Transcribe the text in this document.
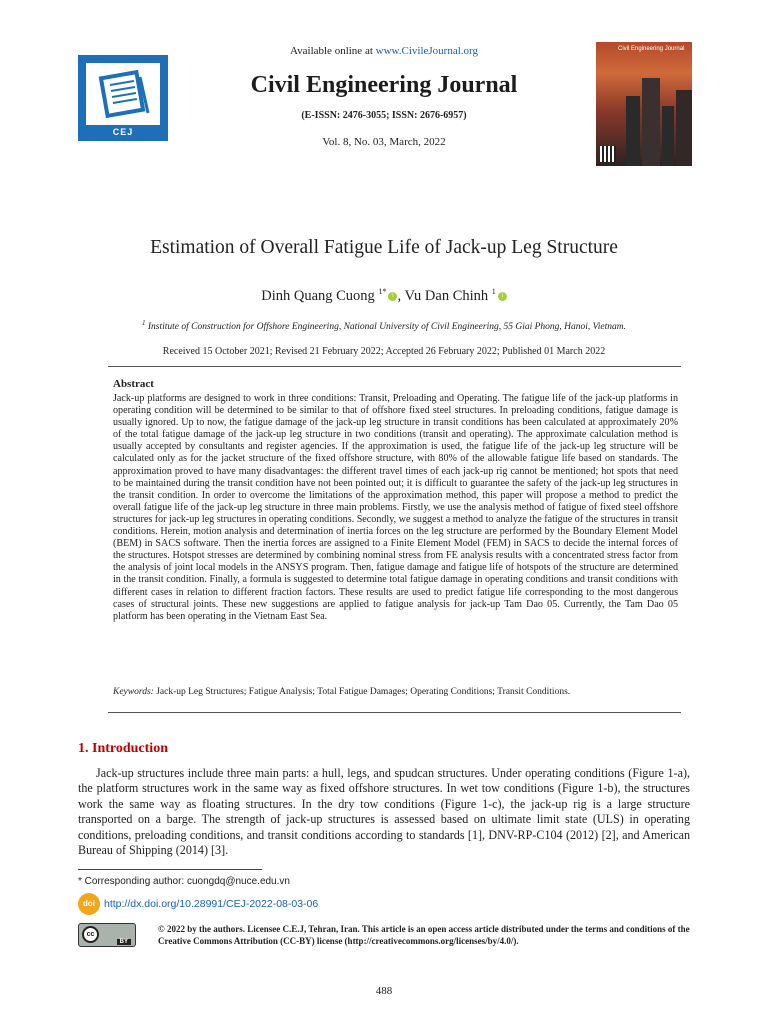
CEJ
Available online at www.CivileJournal.org
Civil Engineering Journal
(E-ISSN: 2476-3055; ISSN: 2676-6957)
Vol. 8, No. 03, March, 2022
Civil Engineering Journal
Estimation of Overall Fatigue Life of Jack-up Leg Structure
Dinh Quang Cuong $^{1*}$ i , Vu Dan Chinh $^1$ i
$^1$ Institute of Construction for Offshore Engineering, National University of Civil Engineering, 55 Giai Phong, Hanoi, Vietnam.
Received 15 October 2021; Revised 21 February 2022; Accepted 26 February 2022; Published 01 March 2022
Abstract
Jack-up platforms are designed to work in three conditions: Transit, Preloading and Operating. The fatigue life of the jack-up platforms in operating condition will be determined to be similar to that of offshore fixed steel structures. In preloading conditions, fatigue damage is usually ignored. Up to now, the fatigue damage of the jack-up leg structure in transit conditions has been calculated at approximately 20% of the total fatigue damage of the jack-up leg structure in two conditions (transit and operating). The approximate calculation method is usually accepted by consultants and register agencies. If the approximation is used, the fatigue life of the jack-up leg structure will be calculated only as for the jacket structure of the fixed offshore structure, with 80% of the allowable fatigue life based on standards. The approximation proved to have many disadvantages: the different travel times of each jack-up rig cannot be mentioned; hot spots that need to be maintained during the transit condition have not been pointed out; it is difficult to guarantee the safety of the jack-up leg structures in the transit condition. In order to overcome the limitations of the approximation method, this paper will propose a method to predict the overall fatigue life of the jack-up leg structure in three main problems. Firstly, we use the analysis method of fatigue of fixed steel offshore structures for jack-up leg structures in operating conditions. Secondly, we suggest a method to analyze the fatigue of the structures in transit conditions. Herein, motion analysis and determination of inertia forces on the leg structure are performed by the Boundary Element Model (BEM) in SACS software. Then the inertia forces are assigned to a Finite Element Model (FEM) in SACS to decide the internal forces of the structures. Hotspot stresses are determined by combining nominal stress from FE analysis results with a concentrated stress factor from the analysis of joint local models in the ANSYS program. Then, fatigue damage and fatigue life of hotspots of the structure are determined in the transit condition. Finally, a formula is suggested to determine total fatigue damage in operating conditions and transit conditions with different cases in relation to different fraction factors. These results are used to predict fatigue life corresponding to the most dangerous cases of structural joints. These new suggestions are applied to fatigue analysis for jack-up Tam Dao 05. Currently, the Tam Dao 05 platform has been operating in the Vietnam East Sea.
Keywords: Jack-up Leg Structures; Fatigue Analysis; Total Fatigue Damages; Operating Conditions; Transit Conditions.
1. Introduction
Jack-up structures include three main parts: a hull, legs, and spudcan structures. Under operating conditions (Figure 1-a), the platform structures work in the same way as fixed offshore structures. In wet tow conditions (Figure 1-b), the structures work the same way as floating structures. In the dry tow conditions (Figure 1-c), the jack-up rig is a large structure transported on a barge. The strength of jack-up structures is assessed based on ultimate limit state (ULS) in operating conditions, preloading conditions, and transit conditions according to standards [1], DNV-RP-C104 (2012) [2], and American Bureau of Shipping (2014) [3].
* Corresponding author: cuongdq@nuce.edu.vn
doi http://dx.doi.org/10.28991/CEJ-2022-08-03-06
cc
BY
© 2022 by the authors. Licensee C.E.J, Tehran, Iran. This article is an open access article distributed under the terms and conditions of the Creative Commons Attribution (CC-BY) license (http://creativecommons.org/licenses/by/4.0/).
488
